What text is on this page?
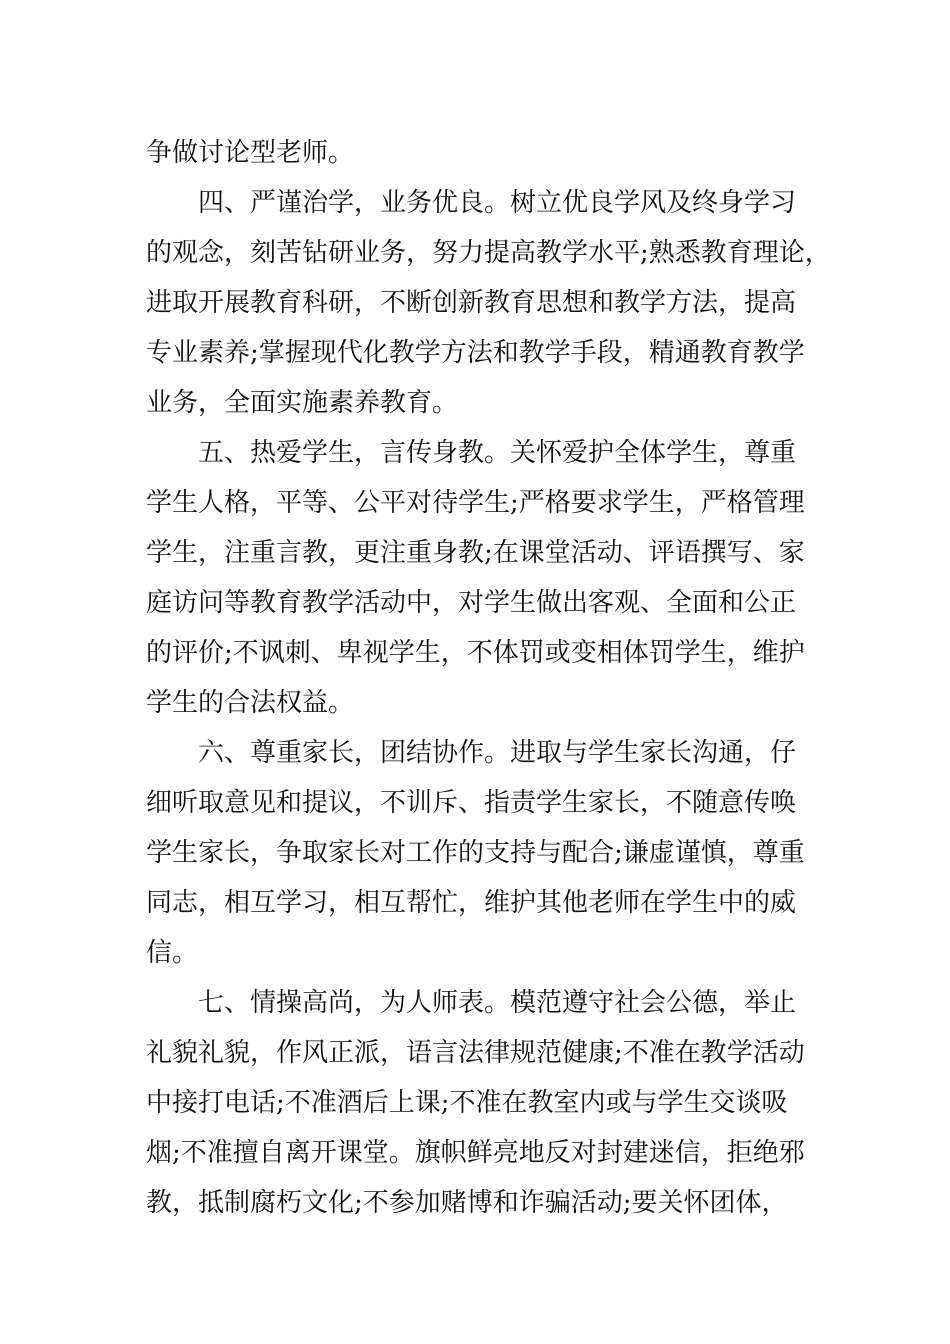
争做讨论型老师。
　　四、严谨治学，业务优良。树立优良学风及终身学习
的观念，刻苦钻研业务，努力提高教学水平;熟悉教育理论，
进取开展教育科研，不断创新教育思想和教学方法，提高
专业素养;掌握现代化教学方法和教学手段，精通教育教学
业务，全面实施素养教育。
　　五、热爱学生，言传身教。关怀爱护全体学生，尊重
学生人格，平等、公平对待学生;严格要求学生，严格管理
学生，注重言教，更注重身教;在课堂活动、评语撰写、家
庭访问等教育教学活动中，对学生做出客观、全面和公正
的评价;不讽刺、卑视学生，不体罚或变相体罚学生，维护
学生的合法权益。
　　六、尊重家长，团结协作。进取与学生家长沟通，仔
细听取意见和提议，不训斥、指责学生家长，不随意传唤
学生家长，争取家长对工作的支持与配合;谦虚谨慎，尊重
同志，相互学习，相互帮忙，维护其他老师在学生中的威
信。
　　七、情操高尚，为人师表。模范遵守社会公德，举止
礼貌礼貌，作风正派，语言法律规范健康;不准在教学活动
中接打电话;不准酒后上课;不准在教室内或与学生交谈吸
烟;不准擅自离开课堂。旗帜鲜亮地反对封建迷信，拒绝邪
教，抵制腐朽文化;不参加赌博和诈骗活动;要关怀团体，
